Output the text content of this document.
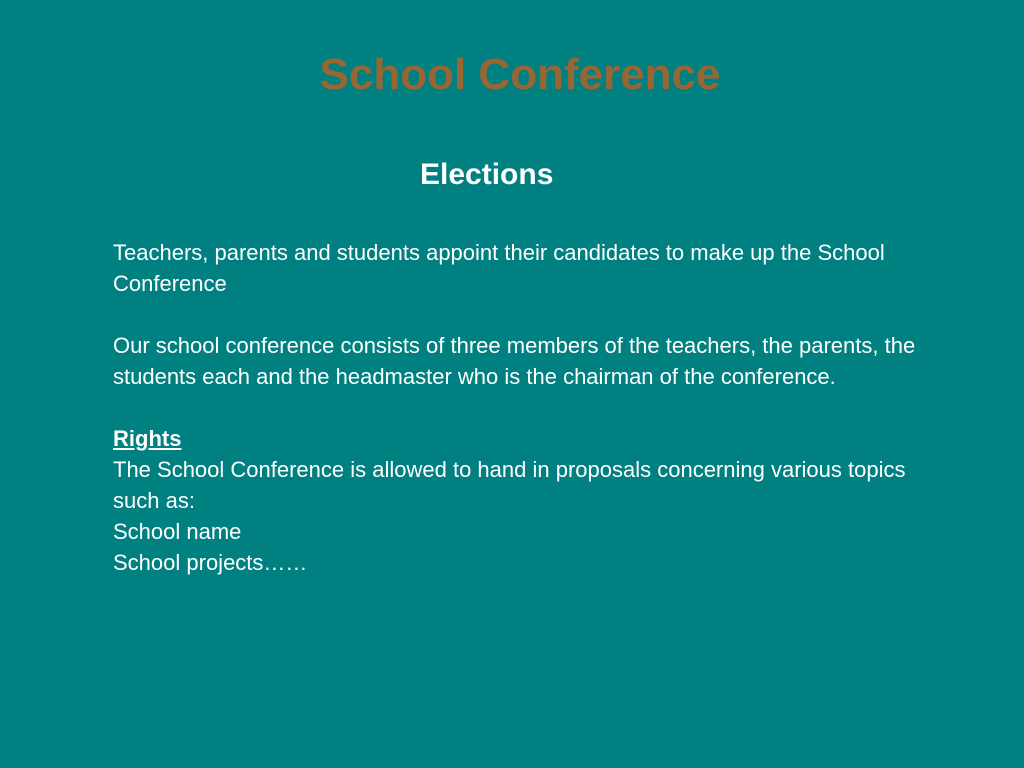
School Conference
Elections

Teachers, parents and students appoint their candidates to make up the School Conference

Our school conference consists of three members of the teachers, the parents, the students each and the headmaster who is the chairman of the conference.

Rights
The School Conference is allowed to hand in proposals concerning various topics such as:
School name
School projects……
